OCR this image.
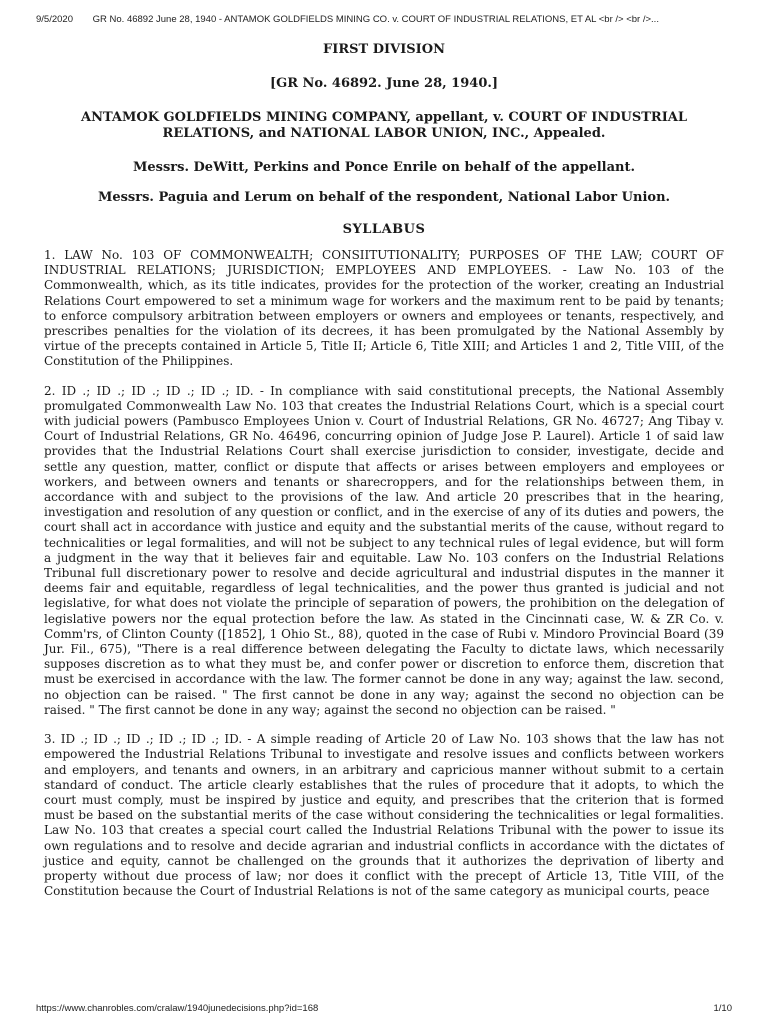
9/5/2020 GR No. 46892 June 28, 1940 - ANTAMOK GOLDFIELDS MINING CO. v. COURT OF INDUSTRIAL RELATIONS, ET AL <br /> <br />...
FIRST DIVISION
[GR No. 46892. June 28, 1940.]
ANTAMOK GOLDFIELDS MINING COMPANY, appellant, v. COURT OF INDUSTRIAL RELATIONS, and NATIONAL LABOR UNION, INC., Appealed.
Messrs. DeWitt, Perkins and Ponce Enrile on behalf of the appellant.
Messrs. Paguia and Lerum on behalf of the respondent, National Labor Union.
SYLLABUS

1. LAW No. 103 OF COMMONWEALTH; CONSIITUTIONALITY; PURPOSES OF THE LAW; COURT OF INDUSTRIAL RELATIONS; JURISDICTION; EMPLOYEES AND EMPLOYEES. - Law No. 103 of the Commonwealth, which, as its title indicates, provides for the protection of the worker, creating an Industrial Relations Court empowered to set a minimum wage for workers and the maximum rent to be paid by tenants; to enforce compulsory arbitration between employers or owners and employees or tenants, respectively, and prescribes penalties for the violation of its decrees, it has been promulgated by the National Assembly by virtue of the precepts contained in Article 5, Title II; Article 6, Title XIII; and Articles 1 and 2, Title VIII, of the Constitution of the Philippines.

2. ID .; ID .; ID .; ID .; ID .; ID. - In compliance with said constitutional precepts, the National Assembly promulgated Commonwealth Law No. 103 that creates the Industrial Relations Court, which is a special court with judicial powers (Pambusco Employees Union v. Court of Industrial Relations, GR No. 46727; Ang Tibay v. Court of Industrial Relations, GR No. 46496, concurring opinion of Judge Jose P. Laurel). Article 1 of said law provides that the Industrial Relations Court shall exercise jurisdiction to consider, investigate, decide and settle any question, matter, conflict or dispute that affects or arises between employers and employees or workers, and between owners and tenants or sharecroppers, and for the relationships between them, in accordance with and subject to the provisions of the law. And article 20 prescribes that in the hearing, investigation and resolution of any question or conflict, and in the exercise of any of its duties and powers, the court shall act in accordance with justice and equity and the substantial merits of the cause, without regard to technicalities or legal formalities, and will not be subject to any technical rules of legal evidence, but will form a judgment in the way that it believes fair and equitable. Law No. 103 confers on the Industrial Relations Tribunal full discretionary power to resolve and decide agricultural and industrial disputes in the manner it deems fair and equitable, regardless of legal technicalities, and the power thus granted is judicial and not legislative, for what does not violate the principle of separation of powers, the prohibition on the delegation of legislative powers nor the equal protection before the law. As stated in the Cincinnati case, W. & ZR Co. v. Comm'rs, of Clinton County ([1852], 1 Ohio St., 88), quoted in the case of Rubi v. Mindoro Provincial Board (39 Jur. Fil., 675), "There is a real difference between delegating the Faculty to dictate laws, which necessarily supposes discretion as to what they must be, and confer power or discretion to enforce them, discretion that must be exercised in accordance with the law. The former cannot be done in any way; against the law. second, no objection can be raised. " The first cannot be done in any way; against the second no objection can be raised. " The first cannot be done in any way; against the second no objection can be raised. "

3. ID .; ID .; ID .; ID .; ID .; ID. - A simple reading of Article 20 of Law No. 103 shows that the law has not empowered the Industrial Relations Tribunal to investigate and resolve issues and conflicts between workers and employers, and tenants and owners, in an arbitrary and capricious manner without submit to a certain standard of conduct. The article clearly establishes that the rules of procedure that it adopts, to which the court must comply, must be inspired by justice and equity, and prescribes that the criterion that is formed must be based on the substantial merits of the case without considering the technicalities or legal formalities. Law No. 103 that creates a special court called the Industrial Relations Tribunal with the power to issue its own regulations and to resolve and decide agrarian and industrial conflicts in accordance with the dictates of justice and equity, cannot be challenged on the grounds that it authorizes the deprivation of liberty and property without due process of law; nor does it conflict with the precept of Article 13, Title VIII, of the Constitution because the Court of Industrial Relations is not of the same category as municipal courts, peace

https://www.chanrobles.com/cralaw/1940junedecisions.php?id=168	1/10
